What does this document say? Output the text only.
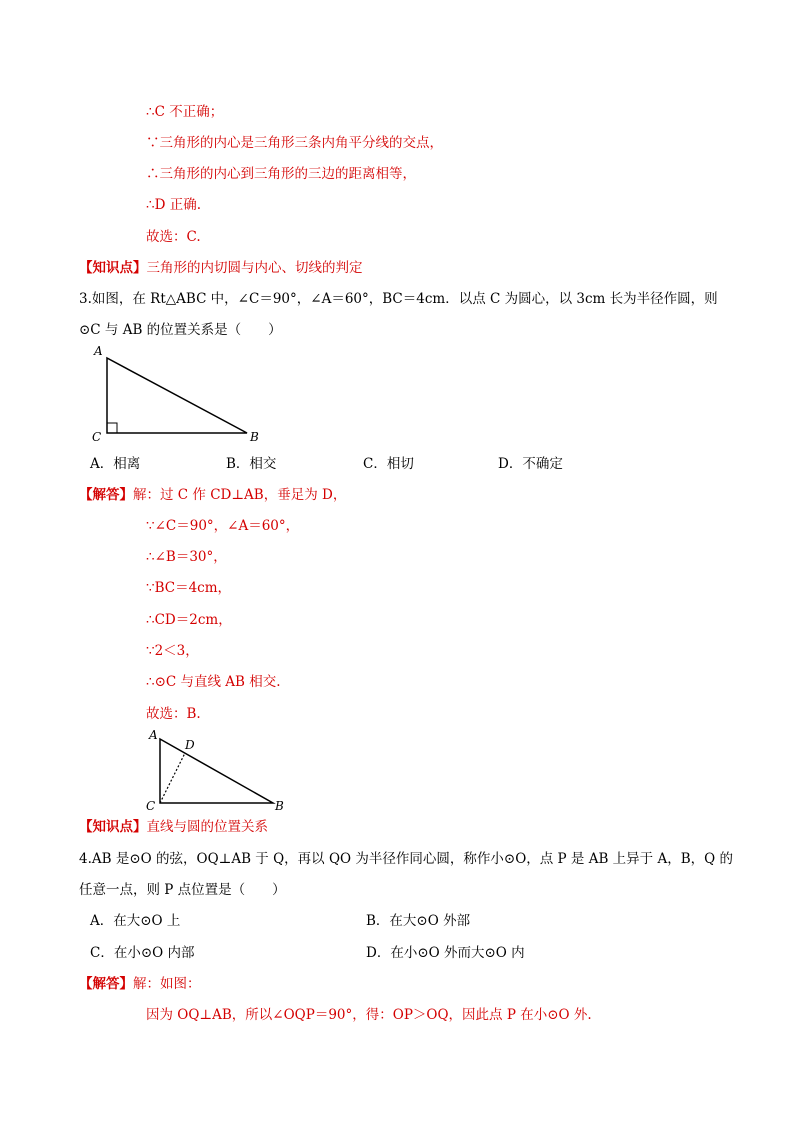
∴C 不正确；
∵三角形的内心是三角形三条内角平分线的交点，
∴三角形的内心到三角形的三边的距离相等，
∴D 正确.
故选：C.
【知识点】三角形的内切圆与内心、切线的判定
3.如图，在 Rt△ABC 中，∠C＝90°，∠A＝60°，BC＝4cm．以点 C 为圆心，以 3cm 长为半径作圆，则
⊙C 与 AB 的位置关系是（　　）
A
C	B
A．相离	B．相交	C．相切	D．不确定
【解答】解：过 C 作 CD⊥AB，垂足为 D，
∵∠C＝90°，∠A＝60°，
∴∠B＝30°，
∵BC＝4cm，
∴CD＝2cm，
∵2＜3，
∴⊙C 与直线 AB 相交.
故选：B.
A
D
C	B
【知识点】直线与圆的位置关系
4.AB 是⊙O 的弦，OQ⊥AB 于 Q，再以 QO 为半径作同心圆，称作小⊙O，点 P 是 AB 上异于 A，B，Q 的
任意一点，则 P 点位置是（　　）
A．在大⊙O 上	B．在大⊙O 外部
C．在小⊙O 内部	D．在小⊙O 外而大⊙O 内
【解答】解：如图：
因为 OQ⊥AB，所以∠OQP＝90°，得：OP＞OQ，因此点 P 在小⊙O 外.
